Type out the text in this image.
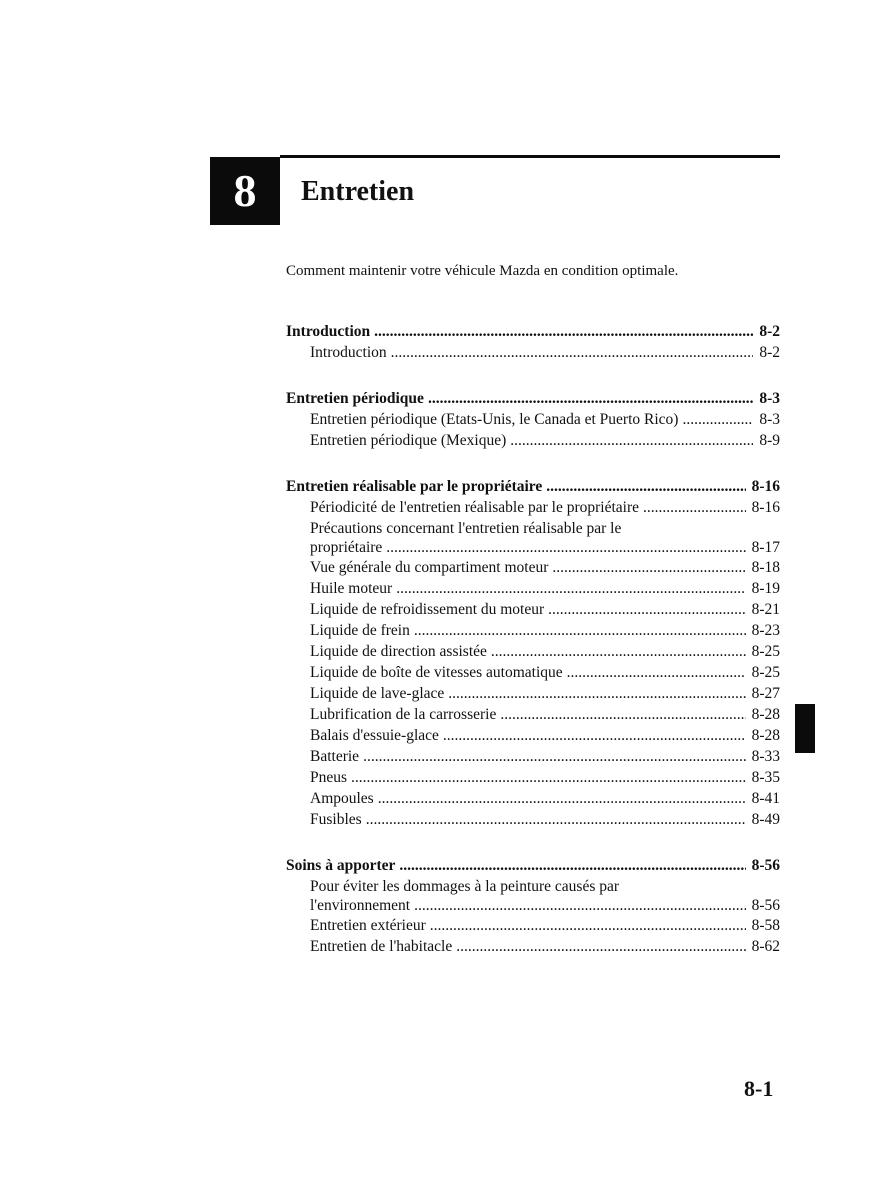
8	Entretien
Comment maintenir votre véhicule Mazda en condition optimale.
Introduction .....	8-2
Introduction .....	8-2
Entretien périodique .....	8-3
Entretien périodique (Etats-Unis, le Canada et Puerto Rico) .....	8-3
Entretien périodique (Mexique) .....	8-9
Entretien réalisable par le propriétaire .....	8-16
Périodicité de l'entretien réalisable par le propriétaire .....	8-16
Précautions concernant l'entretien réalisable par le
propriétaire .....	8-17
Vue générale du compartiment moteur .....	8-18
Huile moteur .....	8-19
Liquide de refroidissement du moteur .....	8-21
Liquide de frein .....	8-23
Liquide de direction assistée .....	8-25
Liquide de boîte de vitesses automatique .....	8-25
Liquide de lave-glace .....	8-27
Lubrification de la carrosserie .....	8-28
Balais d'essuie-glace .....	8-28
Batterie .....	8-33
Pneus .....	8-35
Ampoules .....	8-41
Fusibles .....	8-49
Soins à apporter .....	8-56
Pour éviter les dommages à la peinture causés par
l'environnement .....	8-56
Entretien extérieur .....	8-58
Entretien de l'habitacle .....	8-62
8-1
